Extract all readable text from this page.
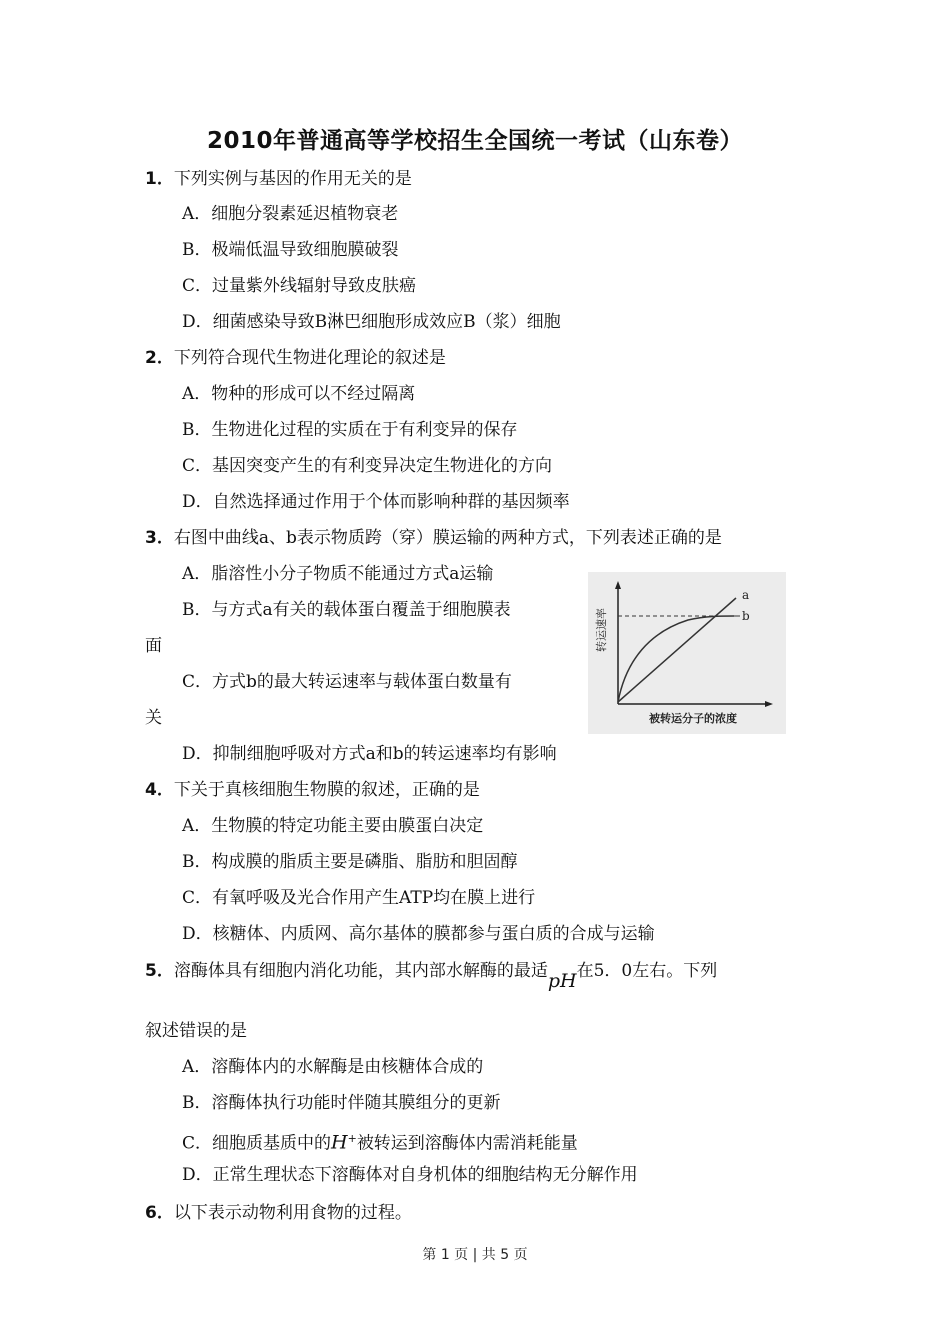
2010年普通高等学校招生全国统一考试（山东卷）
1．下列实例与基因的作用无关的是
A．细胞分裂素延迟植物衰老
B．极端低温导致细胞膜破裂
C．过量紫外线辐射导致皮肤癌
D．细菌感染导致B淋巴细胞形成效应B（浆）细胞
2．下列符合现代生物进化理论的叙述是
A．物种的形成可以不经过隔离
B．生物进化过程的实质在于有利变异的保存
C．基因突变产生的有利变异决定生物进化的方向
D．自然选择通过作用于个体而影响种群的基因频率
3．右图中曲线a、b表示物质跨（穿）膜运输的两种方式，下列表述正确的是
A．脂溶性小分子物质不能通过方式a运输
B．与方式a有关的载体蛋白覆盖于细胞膜表
面
C．方式b的最大转运速率与载体蛋白数量有
关
D．抑制细胞呼吸对方式a和b的转运速率均有影响
a
b
转运速率
被转运分子的浓度
4．下关于真核细胞生物膜的叙述，正确的是
A．生物膜的特定功能主要由膜蛋白决定
B．构成膜的脂质主要是磷脂、脂肪和胆固醇
C．有氧呼吸及光合作用产生ATP均在膜上进行
D．核糖体、内质网、高尔基体的膜都参与蛋白质的合成与运输
5．溶酶体具有细胞内消化功能，其内部水解酶的最适pH在5．0左右。下列
叙述错误的是
A．溶酶体内的水解酶是由核糖体合成的
B．溶酶体执行功能时伴随其膜组分的更新
C．细胞质基质中的H+被转运到溶酶体内需消耗能量
D．正常生理状态下溶酶体对自身机体的细胞结构无分解作用
6．以下表示动物利用食物的过程。
第 1 页 | 共 5 页
